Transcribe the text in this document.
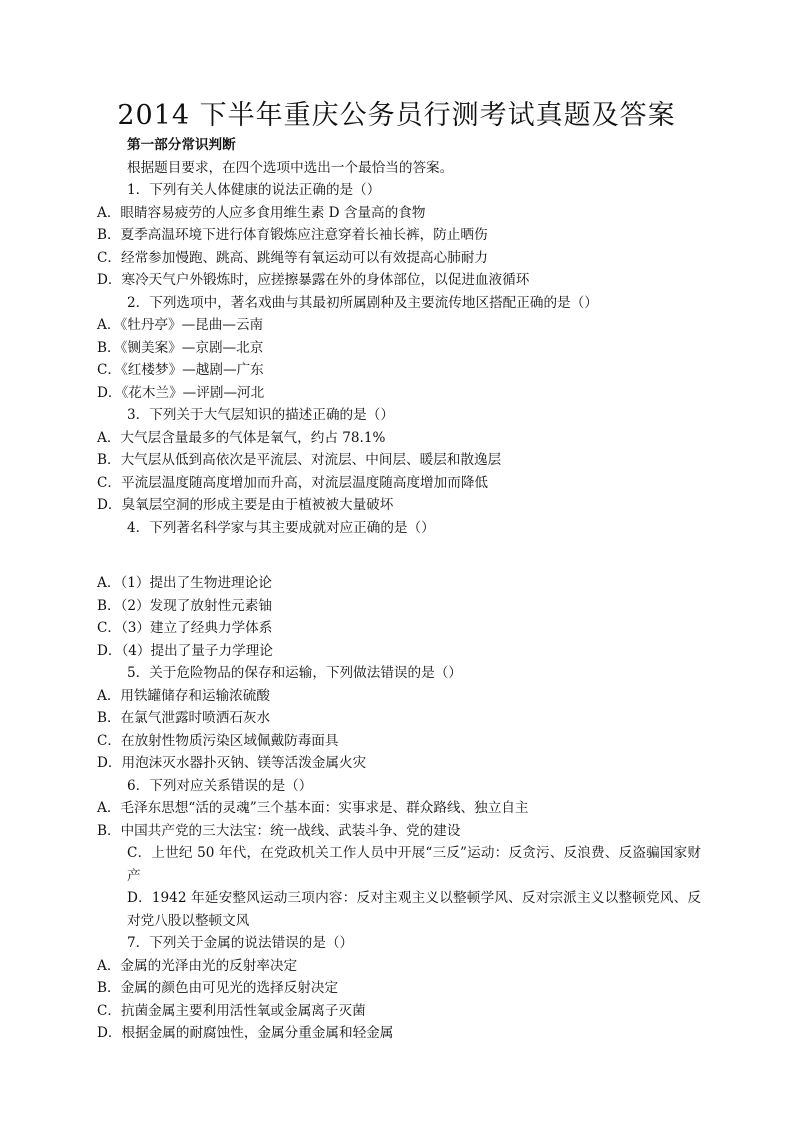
2014 下半年重庆公务员行测考试真题及答案

第一部分常识判断

根据题目要求，在四个选项中选出一个最恰当的答案。

1．下列有关人体健康的说法正确的是（）

A．眼睛容易疲劳的人应多食用维生素 D 含量高的食物

B．夏季高温环境下进行体育锻炼应注意穿着长袖长裤，防止晒伤

C．经常参加慢跑、跳高、跳绳等有氧运动可以有效提高心肺耐力

D．寒冷天气户外锻炼时，应搓擦暴露在外的身体部位，以促进血液循环

2．下列选项中，著名戏曲与其最初所属剧种及主要流传地区搭配正确的是（）

A．《牡丹亭》—昆曲—云南

B．《铡美案》—京剧—北京

C．《红楼梦》—越剧—广东

D．《花木兰》—评剧—河北

3．下列关于大气层知识的描述正确的是（）

A．大气层含量最多的气体是氧气，约占 78.1%

B．大气层从低到高依次是平流层、对流层、中间层、暖层和散逸层

C．平流层温度随高度增加而升高，对流层温度随高度增加而降低

D．臭氧层空洞的形成主要是由于植被被大量破坏

4．下列著名科学家与其主要成就对应正确的是（）

A．（1）提出了生物进理论论

B．（2）发现了放射性元素铀

C．（3）建立了经典力学体系

D．（4）提出了量子力学理论

5．关于危险物品的保存和运输，下列做法错误的是（）

A．用铁罐储存和运输浓硫酸

B．在氯气泄露时喷洒石灰水

C．在放射性物质污染区域佩戴防毒面具

D．用泡沫灭水器扑灭钠、镁等活泼金属火灾

6．下列对应关系错误的是（）

A．毛泽东思想“活的灵魂”三个基本面：实事求是、群众路线、独立自主

B．中国共产党的三大法宝：统一战线、武装斗争、党的建设

C．上世纪 50 年代，在党政机关工作人员中开展“三反”运动：反贪污、反浪费、反盗骗国家财产

D．1942 年延安整风运动三项内容：反对主观主义以整顿学风、反对宗派主义以整顿党风、反对党八股以整顿文风

7．下列关于金属的说法错误的是（）

A．金属的光泽由光的反射率决定

B．金属的颜色由可见光的选择反射决定

C．抗菌金属主要利用活性氧或金属离子灭菌

D．根据金属的耐腐蚀性，金属分重金属和轻金属
